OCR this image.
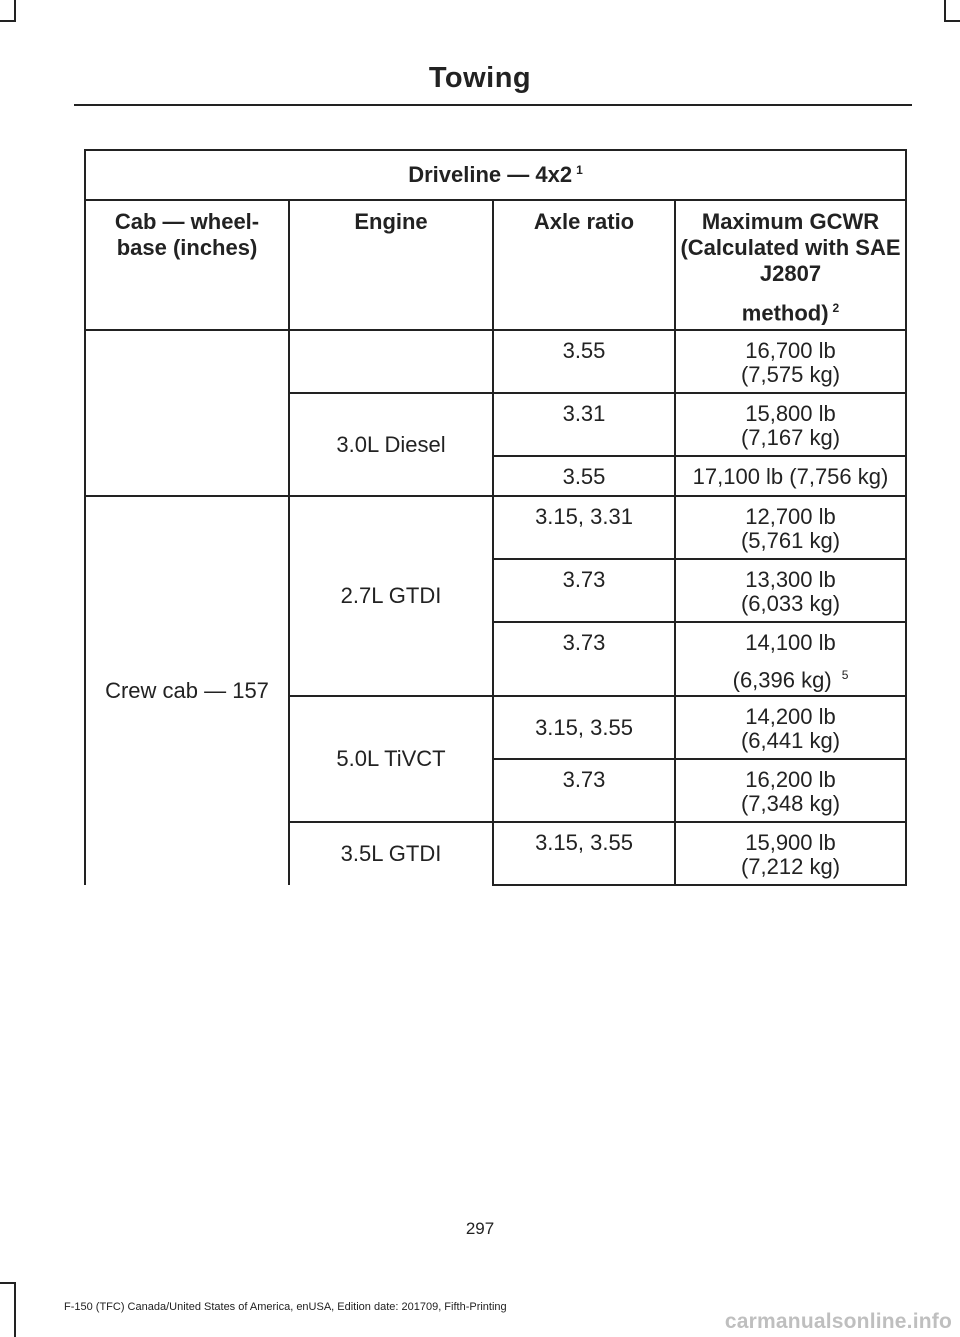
Towing
Driveline — 4x2 $^1$

Cab — wheel-base (inches)	Engine	Axle ratio	Maximum GCWR (Calculated with SAE J2807
method) $^2$

		3.55	16,700 lb
(7,575 kg)

	3.0L Diesel	3.31	15,800 lb
(7,167 kg)

		3.55	17,100 lb (7,756 kg)
Crew cab — 157	2.7L GTDI	3.15, 3.31	12,700 lb
(5,761 kg)

		3.73	13,300 lb
(6,033 kg)

		3.73	14,100 lb
(6,396 kg) $^5$

	5.0L TiVCT	3.15, 3.55	14,200 lb
(6,441 kg)

		3.73	16,200 lb
(7,348 kg)

	3.5L GTDI	3.15, 3.55	15,900 lb
(7,212 kg)
297
F-150 (TFC) Canada/United States of America, enUSA, Edition date: 201709, Fifth-Printing
carmanualsonline.info
